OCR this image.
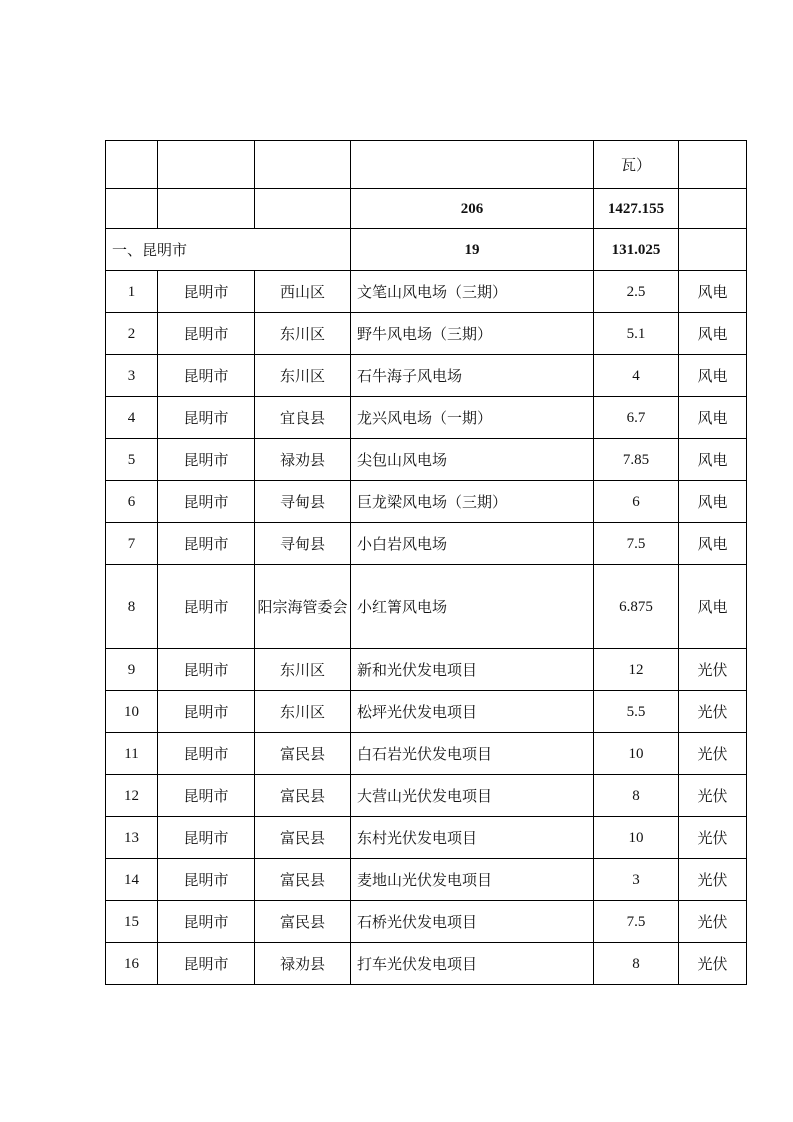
				瓦）	
			206	1427.155	
一、昆明市			19	131.025	
1	昆明市	西山区	文笔山风电场（三期）	2.5	风电
2	昆明市	东川区	野牛风电场（三期）	5.1	风电
3	昆明市	东川区	石牛海子风电场	4	风电
4	昆明市	宜良县	龙兴风电场（一期）	6.7	风电
5	昆明市	禄劝县	尖包山风电场	7.85	风电
6	昆明市	寻甸县	巨龙梁风电场（三期）	6	风电
7	昆明市	寻甸县	小白岩风电场	7.5	风电
8	昆明市	阳宗海管委会	小红箐风电场	6.875	风电
9	昆明市	东川区	新和光伏发电项目	12	光伏
10	昆明市	东川区	松坪光伏发电项目	5.5	光伏
11	昆明市	富民县	白石岩光伏发电项目	10	光伏
12	昆明市	富民县	大营山光伏发电项目	8	光伏
13	昆明市	富民县	东村光伏发电项目	10	光伏
14	昆明市	富民县	麦地山光伏发电项目	3	光伏
15	昆明市	富民县	石桥光伏发电项目	7.5	光伏
16	昆明市	禄劝县	打车光伏发电项目	8	光伏
